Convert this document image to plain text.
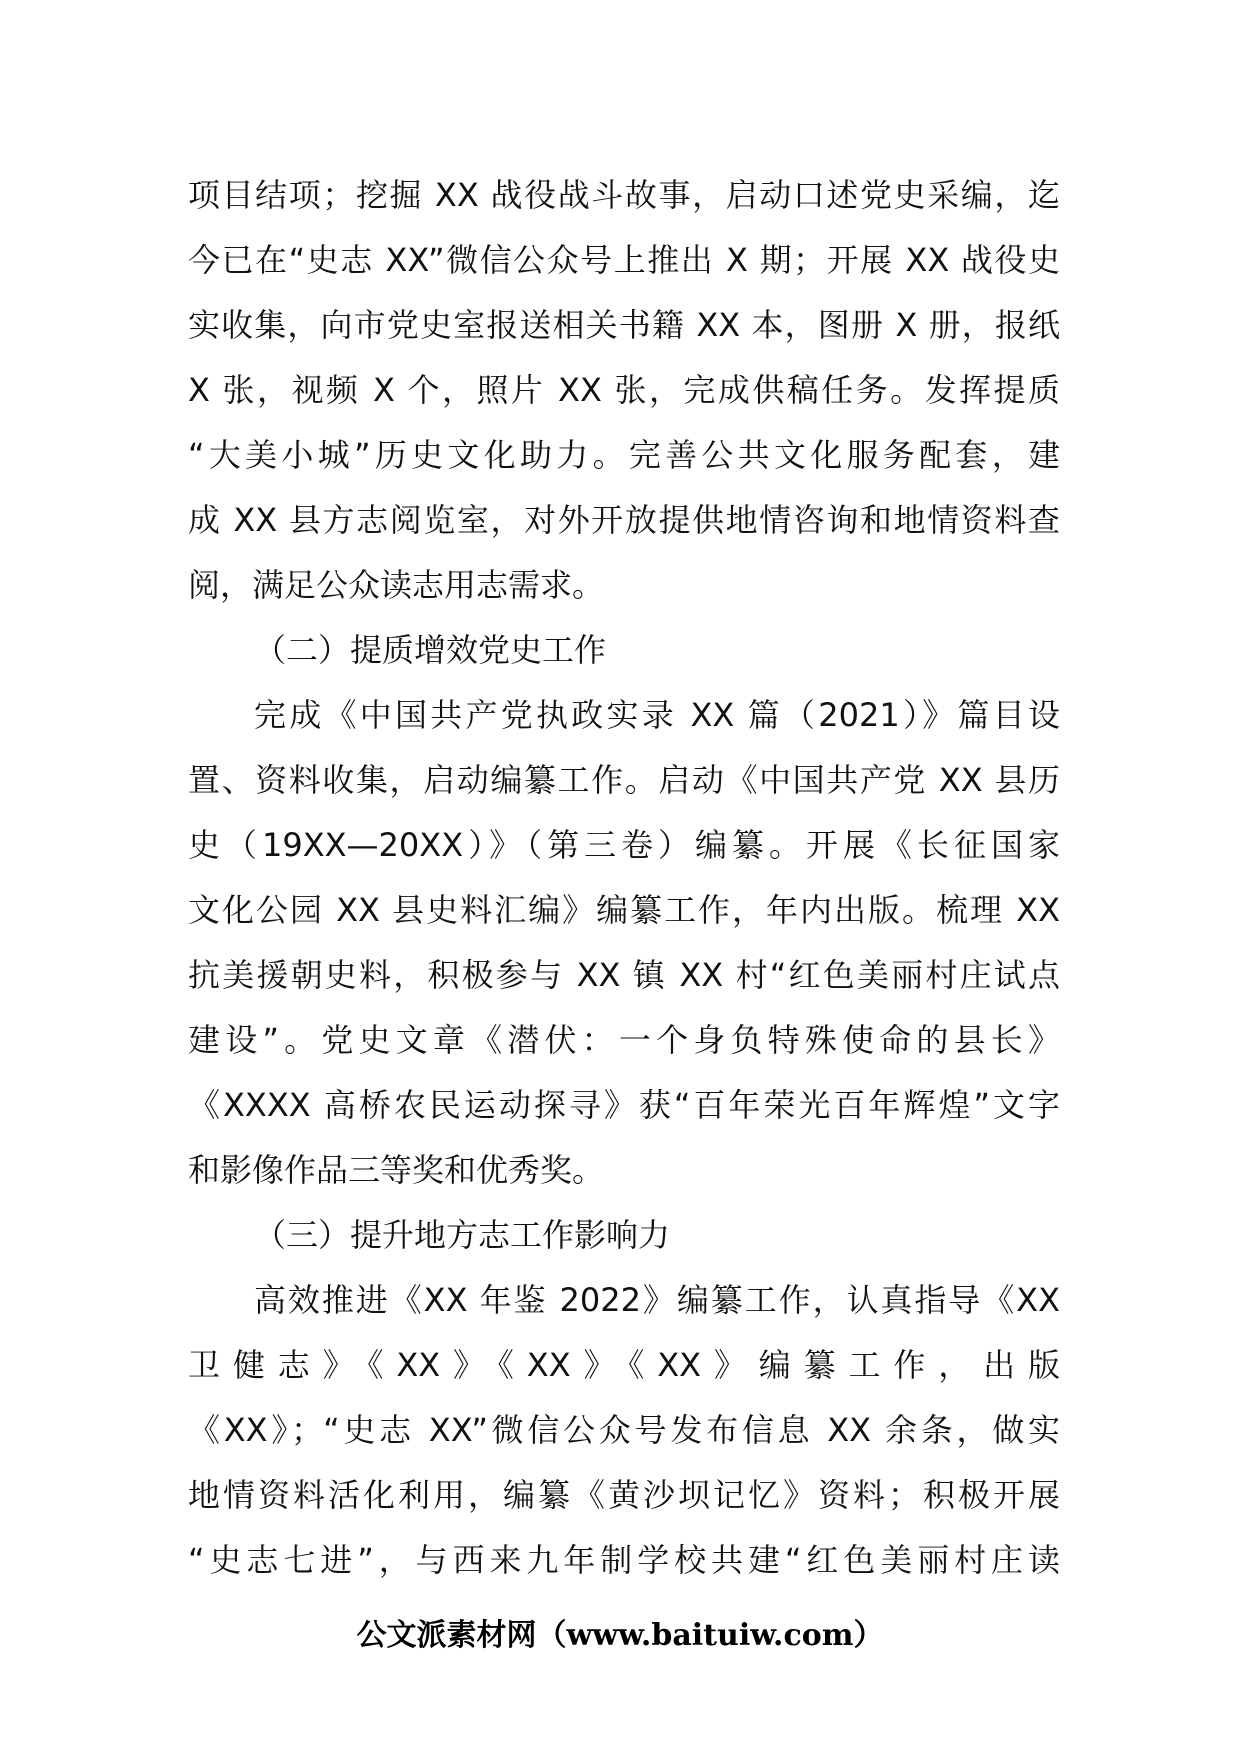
项目结项；挖掘 XX 战役战斗故事，启动口述党史采编，迄
今已在“史志 XX”微信公众号上推出 X 期；开展 XX 战役史
实收集，向市党史室报送相关书籍 XX 本，图册 X 册，报纸
X 张，视频 X 个，照片 XX 张，完成供稿任务。发挥提质
“大美小城”历史文化助力。完善公共文化服务配套，建
成 XX 县方志阅览室，对外开放提供地情咨询和地情资料查
阅，满足公众读志用志需求。
（二）提质增效党史工作
完成《中国共产党执政实录 XX 篇（2021）》篇目设
置、资料收集，启动编纂工作。启动《中国共产党 XX 县历
史（19XX—20XX）》（第三卷）编纂。开展《长征国家
文化公园 XX 县史料汇编》编纂工作，年内出版。梳理 XX
抗美援朝史料，积极参与 XX 镇 XX 村“红色美丽村庄试点
建设”。党史文章《潜伏：一个身负特殊使命的县长》
《XXXX 高桥农民运动探寻》获“百年荣光百年辉煌”文字
和影像作品三等奖和优秀奖。
（三）提升地方志工作影响力
高效推进《XX 年鉴 2022》编纂工作，认真指导《XX
卫健志》《XX》《XX》《XX》编纂工作，出版
《XX》；“史志 XX”微信公众号发布信息 XX 余条，做实
地情资料活化利用，编纂《黄沙坝记忆》资料；积极开展
“史志七进”，与西来九年制学校共建“红色美丽村庄读
公文派素材网（www.baituiw.com）
